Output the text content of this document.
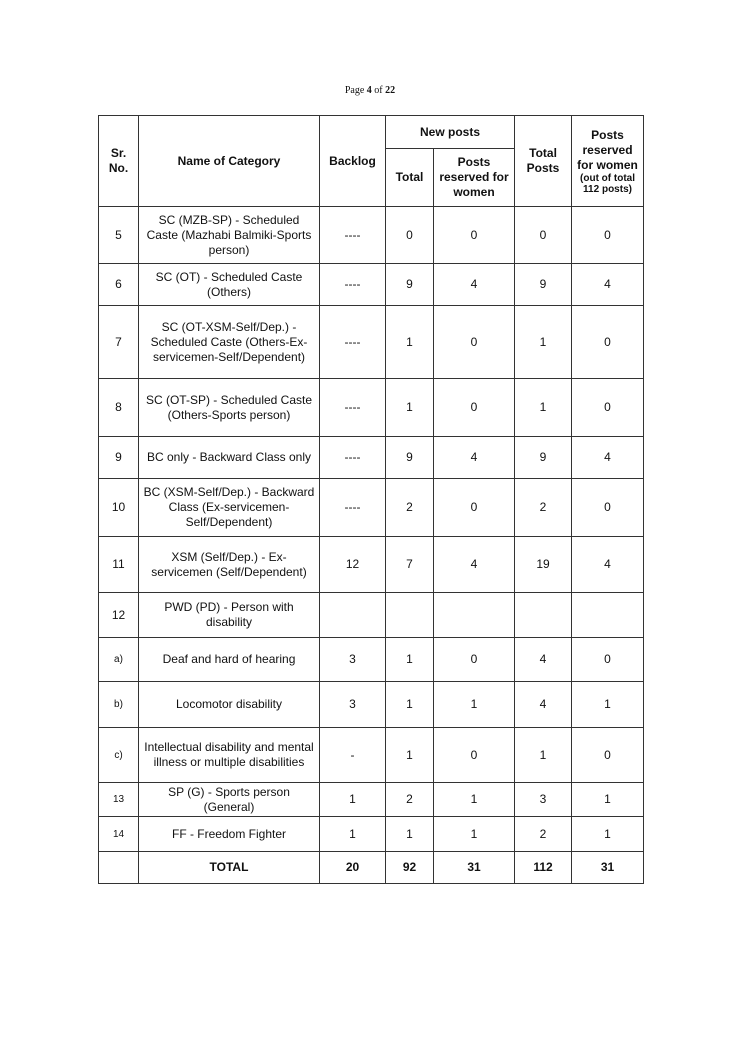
Page 4 of 22
Sr. No.	Name of Category	Backlog	New posts		Total Posts	Posts reserved for women
(out of total 112 posts)

			Total	Posts reserved for women		
5	SC (MZB-SP) - Scheduled Caste (Mazhabi Balmiki-Sports person)	----	0	0	0	0
6	SC (OT) - Scheduled Caste (Others)	----	9	4	9	4
7	SC (OT-XSM-Self/Dep.) - Scheduled Caste (Others-Ex-servicemen-Self/Dependent)	----	1	0	1	0
8	SC (OT-SP) - Scheduled Caste (Others-Sports person)	----	1	0	1	0
9	BC only - Backward Class only	----	9	4	9	4
10	BC (XSM-Self/Dep.) - Backward Class (Ex-servicemen-Self/Dependent)	----	2	0	2	0
11	XSM (Self/Dep.) - Ex-servicemen (Self/Dependent)	12	7	4	19	4
12	PWD (PD) - Person with disability					
a)	Deaf and hard of hearing	3	1	0	4	0
b)	Locomotor disability	3	1	1	4	1
c)	Intellectual disability and mental illness or multiple disabilities	-	1	0	1	0
13	SP (G) - Sports person (General)	1	2	1	3	1
14	FF - Freedom Fighter	1	1	1	2	1
	TOTAL	20	92	31	112	31
